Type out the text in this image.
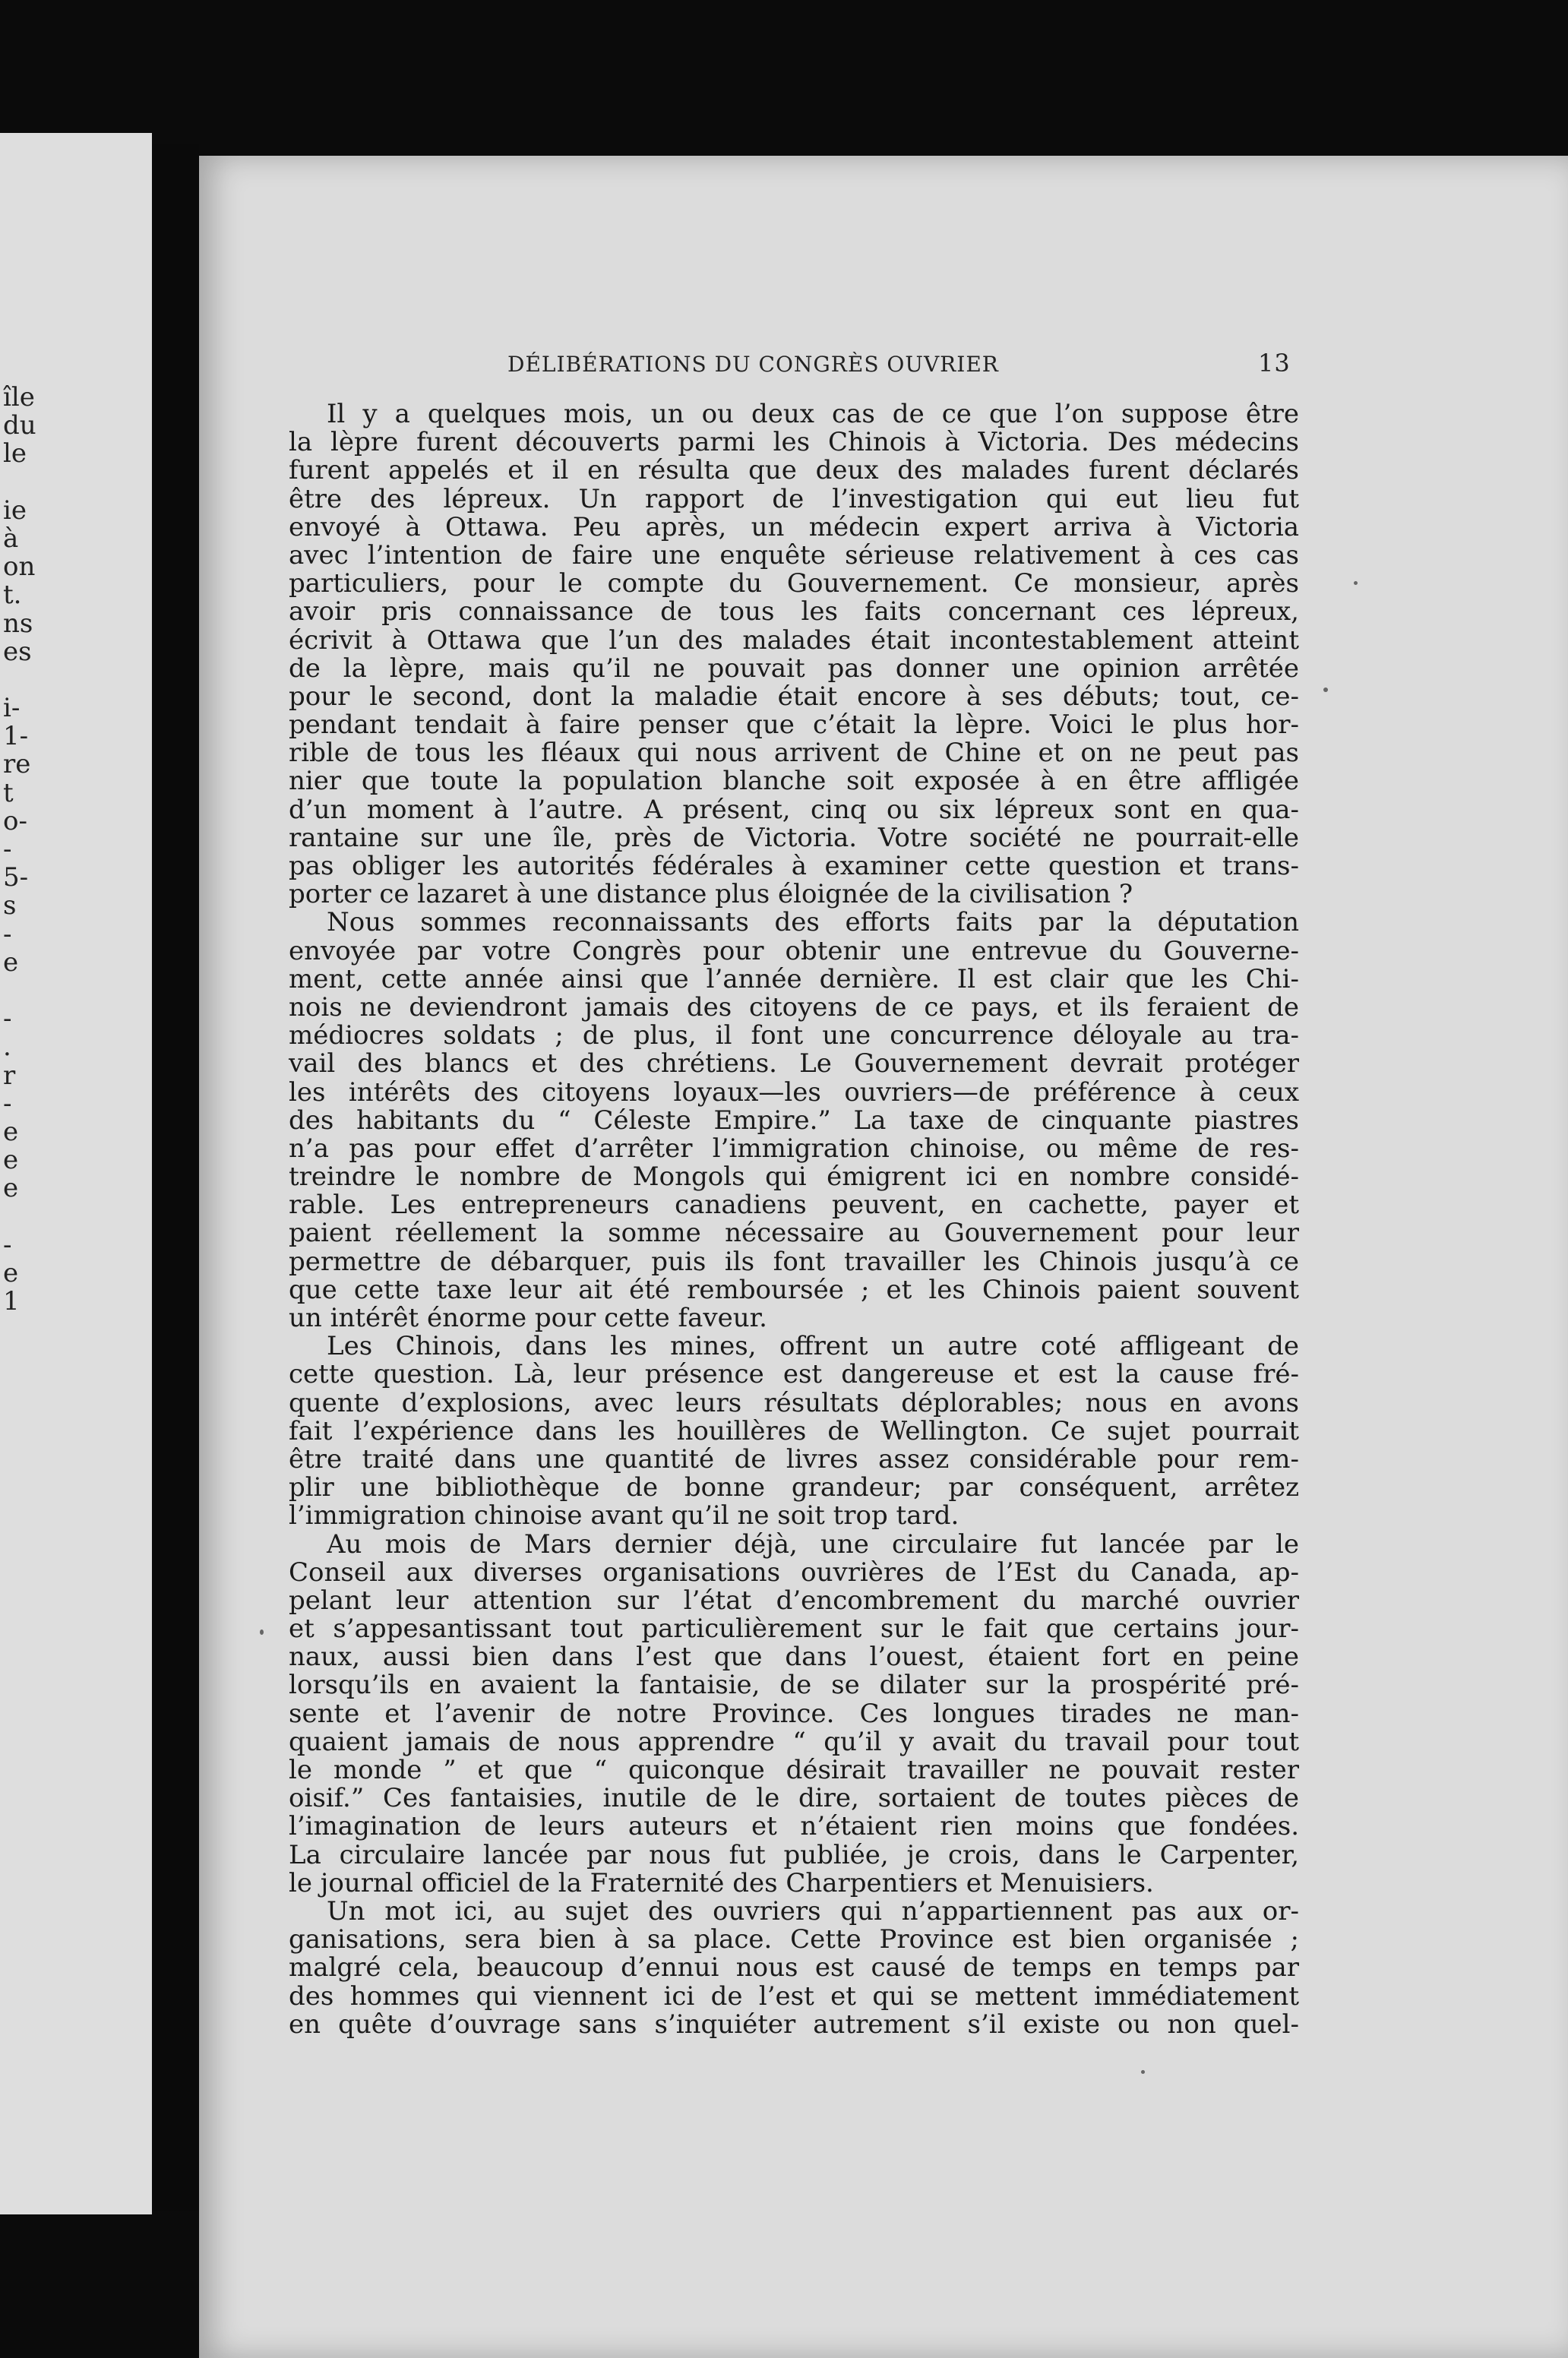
île
du
le
ie
à
on
t.
ns
es
i-
1-
re
t
o-
-
5-
s
-
e
-
.
r
-
e
e
e
-
e
1
DÉLIBÉRATIONS DU CONGRÈS OUVRIER	13
Il y a quelques mois, un ou deux cas de ce que l’on suppose être
la lèpre furent découverts parmi les Chinois à Victoria. Des médecins
furent appelés et il en résulta que deux des malades furent déclarés
être des lépreux. Un rapport de l’investigation qui eut lieu fut
envoyé à Ottawa. Peu après, un médecin expert arriva à Victoria
avec l’intention de faire une enquête sérieuse relativement à ces cas
particuliers, pour le compte du Gouvernement. Ce monsieur, après
avoir pris connaissance de tous les faits concernant ces lépreux,
écrivit à Ottawa que l’un des malades était incontestablement atteint
de la lèpre, mais qu’il ne pouvait pas donner une opinion arrêtée
pour le second, dont la maladie était encore à ses débuts; tout, ce-
pendant tendait à faire penser que c’était la lèpre. Voici le plus hor-
rible de tous les fléaux qui nous arrivent de Chine et on ne peut pas
nier que toute la population blanche soit exposée à en être affligée
d’un moment à l’autre. A présent, cinq ou six lépreux sont en qua-
rantaine sur une île, près de Victoria. Votre société ne pourrait-elle
pas obliger les autorités fédérales à examiner cette question et trans-
porter ce lazaret à une distance plus éloignée de la civilisation ?
Nous sommes reconnaissants des efforts faits par la députation
envoyée par votre Congrès pour obtenir une entrevue du Gouverne-
ment, cette année ainsi que l’année dernière. Il est clair que les Chi-
nois ne deviendront jamais des citoyens de ce pays, et ils feraient de
médiocres soldats ; de plus, il font une concurrence déloyale au tra-
vail des blancs et des chrétiens. Le Gouvernement devrait protéger
les intérêts des citoyens loyaux—les ouvriers—de préférence à ceux
des habitants du “ Céleste Empire.” La taxe de cinquante piastres
n’a pas pour effet d’arrêter l’immigration chinoise, ou même de res-
treindre le nombre de Mongols qui émigrent ici en nombre considé-
rable. Les entrepreneurs canadiens peuvent, en cachette, payer et
paient réellement la somme nécessaire au Gouvernement pour leur
permettre de débarquer, puis ils font travailler les Chinois jusqu’à ce
que cette taxe leur ait été remboursée ; et les Chinois paient souvent
un intérêt énorme pour cette faveur.
Les Chinois, dans les mines, offrent un autre coté affligeant de
cette question. Là, leur présence est dangereuse et est la cause fré-
quente d’explosions, avec leurs résultats déplorables; nous en avons
fait l’expérience dans les houillères de Wellington. Ce sujet pourrait
être traité dans une quantité de livres assez considérable pour rem-
plir une bibliothèque de bonne grandeur; par conséquent, arrêtez
l’immigration chinoise avant qu’il ne soit trop tard.
Au mois de Mars dernier déjà, une circulaire fut lancée par le
Conseil aux diverses organisations ouvrières de l’Est du Canada, ap-
pelant leur attention sur l’état d’encombrement du marché ouvrier
et s’appesantissant tout particulièrement sur le fait que certains jour-
naux, aussi bien dans l’est que dans l’ouest, étaient fort en peine
lorsqu’ils en avaient la fantaisie, de se dilater sur la prospérité pré-
sente et l’avenir de notre Province. Ces longues tirades ne man-
quaient jamais de nous apprendre “ qu’il y avait du travail pour tout
le monde ” et que “ quiconque désirait travailler ne pouvait rester
oisif.” Ces fantaisies, inutile de le dire, sortaient de toutes pièces de
l’imagination de leurs auteurs et n’étaient rien moins que fondées.
La circulaire lancée par nous fut publiée, je crois, dans le Carpenter,
le journal officiel de la Fraternité des Charpentiers et Menuisiers.
Un mot ici, au sujet des ouvriers qui n’appartiennent pas aux or-
ganisations, sera bien à sa place. Cette Province est bien organisée ;
malgré cela, beaucoup d’ennui nous est causé de temps en temps par
des hommes qui viennent ici de l’est et qui se mettent immédiatement
en quête d’ouvrage sans s’inquiéter autrement s’il existe ou non quel-
